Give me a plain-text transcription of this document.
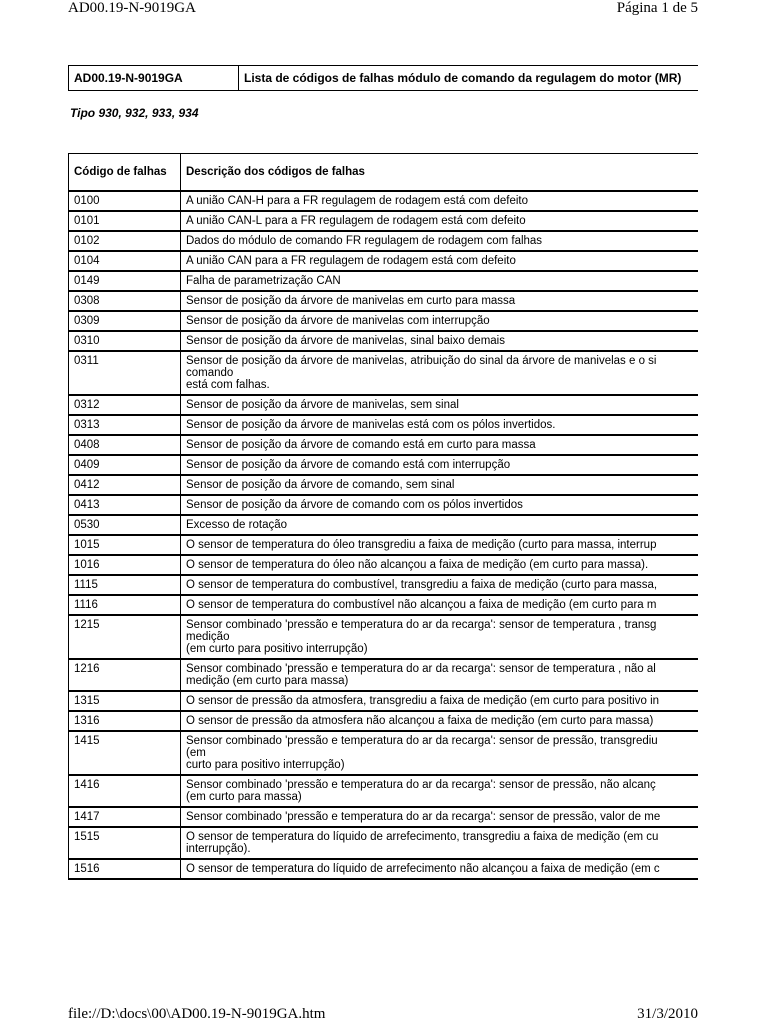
AD00.19-N-9019GA	Página 1 de 5
AD00.19-N-9019GA	Lista de códigos de falhas módulo de comando da regulagem do motor (MR)
Tipo 930, 932, 933, 934
Código de falhas	Descrição dos códigos de falhas
0100	A união CAN-H para a FR regulagem de rodagem está com defeito

0101	A união CAN-L para a FR regulagem de rodagem está com defeito

0102	Dados do módulo de comando FR regulagem de rodagem com falhas

0104	A união CAN para a FR regulagem de rodagem está com defeito

0149	Falha de parametrização CAN

0308	Sensor de posição da árvore de manivelas em curto para massa

0309	Sensor de posição da árvore de manivelas com interrupção

0310	Sensor de posição da árvore de manivelas, sinal baixo demais

0311	Sensor de posição da árvore de manivelas, atribuição do sinal da árvore de manivelas e o si
comando
está com falhas.

0312	Sensor de posição da árvore de manivelas, sem sinal

0313	Sensor de posição da árvore de manivelas está com os pólos invertidos.

0408	Sensor de posição da árvore de comando está em curto para massa

0409	Sensor de posição da árvore de comando está com interrupção

0412	Sensor de posição da árvore de comando, sem sinal

0413	Sensor de posição da árvore de comando com os pólos invertidos

0530	Excesso de rotação

1015	O sensor de temperatura do óleo transgrediu a faixa de medição (curto para massa, interrup

1016	O sensor de temperatura do óleo não alcançou a faixa de medição (em curto para massa).

1115	O sensor de temperatura do combustível, transgrediu a faixa de medição (curto para massa,

1116	O sensor de temperatura do combustível não alcançou a faixa de medição (em curto para m

1215	Sensor combinado 'pressão e temperatura do ar da recarga': sensor de temperatura , transg
medição
(em curto para positivo interrupção)

1216	Sensor combinado 'pressão e temperatura do ar da recarga': sensor de temperatura , não al
medição (em curto para massa)

1315	O sensor de pressão da atmosfera, transgrediu a faixa de medição (em curto para positivo in

1316	O sensor de pressão da atmosfera não alcançou a faixa de medição (em curto para massa)

1415	Sensor combinado 'pressão e temperatura do ar da recarga': sensor de pressão, transgrediu
(em
curto para positivo interrupção)

1416	Sensor combinado 'pressão e temperatura do ar da recarga': sensor de pressão, não alcanç
(em curto para massa)

1417	Sensor combinado 'pressão e temperatura do ar da recarga': sensor de pressão, valor de me

1515	O sensor de temperatura do líquido de arrefecimento, transgrediu a faixa de medição (em cu
interrupção).

1516	O sensor de temperatura do líquido de arrefecimento não alcançou a faixa de medição (em c
file://D:\docs\00\AD00.19-N-9019GA.htm	31/3/2010
